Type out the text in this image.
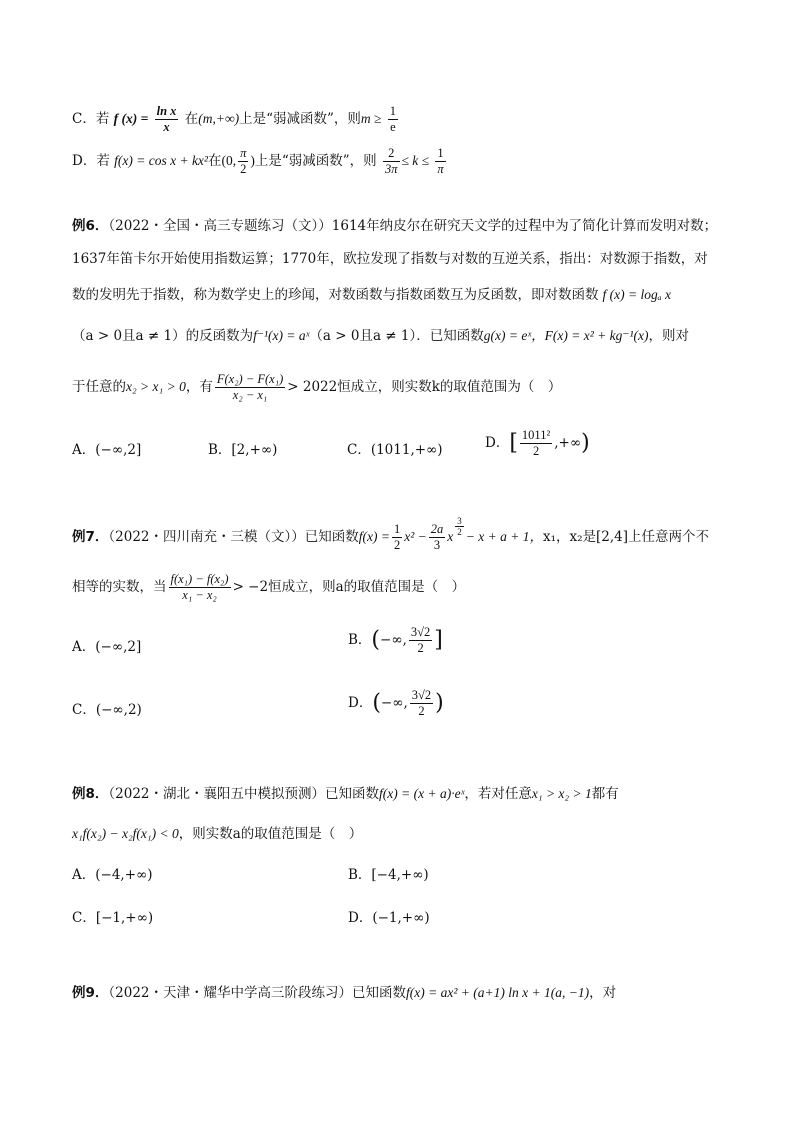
C．若 f $(x) = \frac{\text{ln x}}{x}$ 在(m,+∞)上是“弱减函数”，则$m \ge \frac{1}{e}$
D．若 f(x) = cos x + kx²在(0, $\frac{\pi}{2}$ )上是“弱减函数”，则 $\frac{2}{3\pi} \le k \le \frac{1}{\pi}$
例6．（2022・全国・高三专题练习（文））1614年纳皮尔在研究天文学的过程中为了简化计算而发明对数；
1637年笛卡尔开始使用指数运算；1770年，欧拉发现了指数与对数的互逆关系，指出：对数源于指数，对
数的发明先于指数，称为数学史上的珍闻，对数函数与指数函数互为反函数，即对数函数 f (x) = logₐ x
（a > 0且a ≠ 1）的反函数为f⁻¹(x) = aˣ（a > 0且a ≠ 1）．已知函数g(x) = eˣ，F(x) = x² + kg⁻¹(x)，则对
于任意的x₂ > x₁ > 0，有 $\frac{\text{F(x₂) − F(x₁)}}{\text{x₂ − x₁}} > 2022$恒成立，则实数k的取值范围为（　）
A．(−∞,2]	B．[2,+∞)	C．(1011,+∞)	D．[ $\frac{\text{1011²}}{2}$ ,+∞)
例7．（2022・四川南充・三模（文））已知函数$f(x) = \frac{1}{2} x^2 - \frac{2a}{3}$ x $\frac{3}{2} - x + a + 1$，x₁，x₂是[2,4]上任意两个不
相等的实数，当 $\frac{\text{f(x₁) − f(x₂)}}{\text{x₁ − x₂}} > -2$恒成立，则a的取值范围是（　）
A．(−∞,2]	B．(−∞, $\frac{3√2}{2}$ ]
C．(−∞,2)	D．(−∞, $\frac{3√2}{2}$ )
例8．（2022・湖北・襄阳五中模拟预测）已知函数f(x) = (x + a)·eˣ，若对任意x₁ > x₂ > 1都有
x₁f(x₂) − x₂f(x₁) < 0，则实数a的取值范围是（　）
A．(−4,+∞)	B．[−4,+∞)
C．[−1,+∞)	D．(−1,+∞)
例9．（2022・天津・耀华中学高三阶段练习）已知函数f(x) = ax² + (a+1) ln x + 1(a, −1)，对
